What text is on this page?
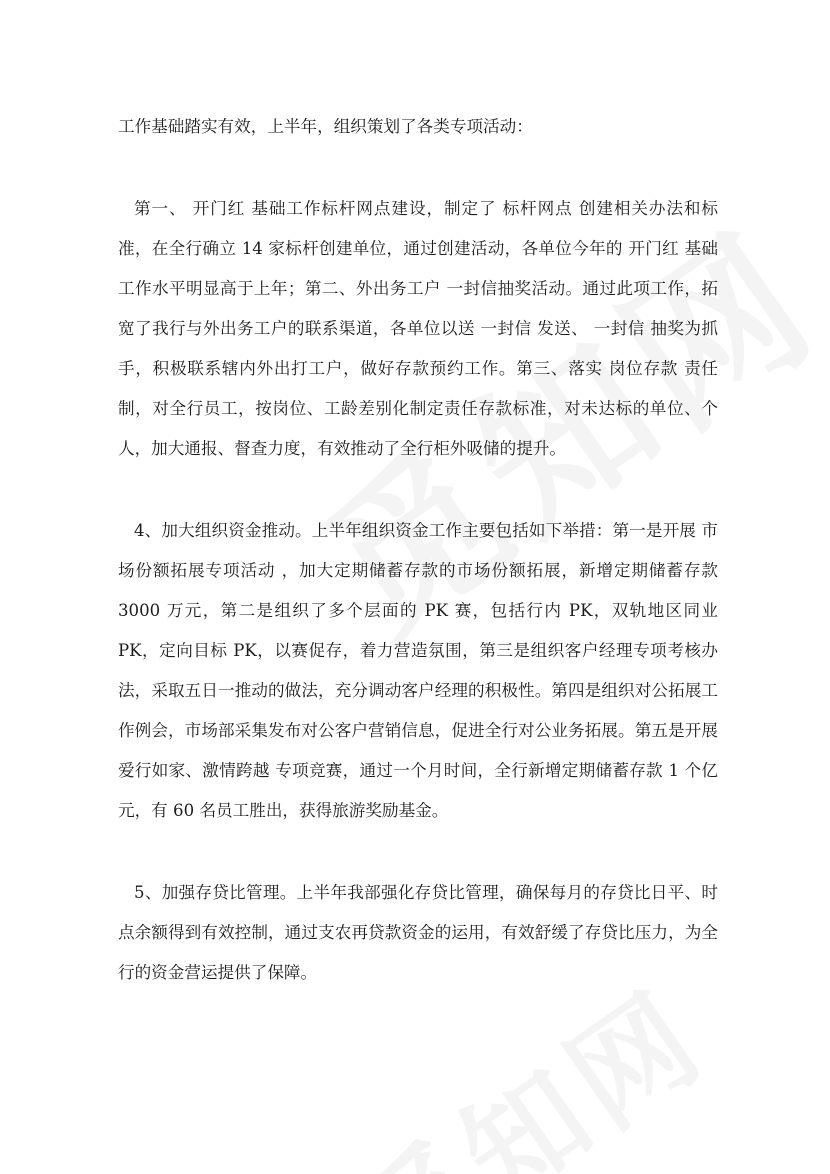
工作基础踏实有效，上半年，组织策划了各类专项活动：

第一、 开门红 基础工作标杆网点建设，制定了 标杆网点 创建相关办法和标准，在全行确立 14 家标杆创建单位，通过创建活动，各单位今年的 开门红 基础工作水平明显高于上年；第二、外出务工户 一封信抽奖活动。通过此项工作，拓宽了我行与外出务工户的联系渠道，各单位以送 一封信 发送、 一封信 抽奖为抓手，积极联系辖内外出打工户，做好存款预约工作。第三、落实 岗位存款 责任制，对全行员工，按岗位、工龄差别化制定责任存款标准，对未达标的单位、个人，加大通报、督查力度，有效推动了全行柜外吸储的提升。

4、加大组织资金推动。上半年组织资金工作主要包括如下举措：第一是开展 市场份额拓展专项活动 ，加大定期储蓄存款的市场份额拓展，新增定期储蓄存款 3000 万元，第二是组织了多个层面的 PK 赛，包括行内 PK，双轨地区同业 PK，定向目标 PK，以赛促存，着力营造氛围，第三是组织客户经理专项考核办法，采取五日一推动的做法，充分调动客户经理的积极性。第四是组织对公拓展工作例会，市场部采集发布对公客户营销信息，促进全行对公业务拓展。第五是开展 爱行如家、激情跨越 专项竞赛，通过一个月时间，全行新增定期储蓄存款 1 个亿元，有 60 名员工胜出，获得旅游奖励基金。

5、加强存贷比管理。上半年我部强化存贷比管理，确保每月的存贷比日平、时点余额得到有效控制，通过支农再贷款资金的运用，有效舒缓了存贷比压力，为全行的资金营运提供了保障。
